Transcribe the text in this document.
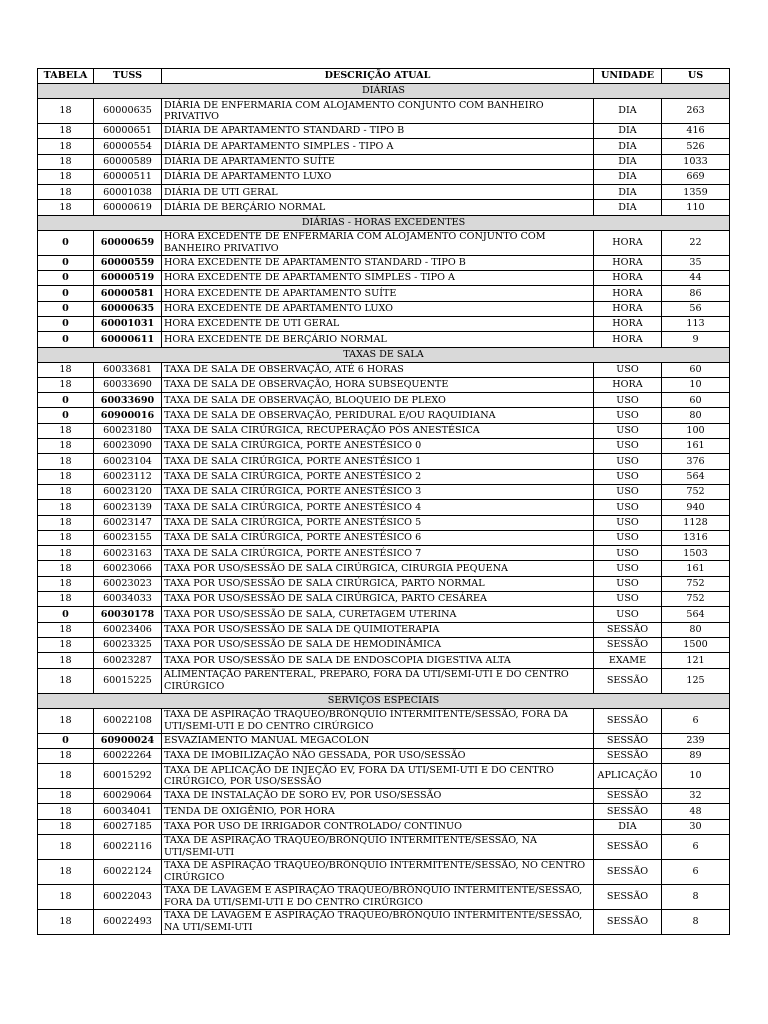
TABELA	TUSS	DESCRIÇÃO ATUAL	UNIDADE	US
DIÁRIAS				
18	60000635	DIÁRIA DE ENFERMARIA COM ALOJAMENTO CONJUNTO COM BANHEIRO PRIVATIVO	DIA	263
18	60000651	DIÁRIA DE APARTAMENTO STANDARD - TIPO B	DIA	416
18	60000554	DIÁRIA DE APARTAMENTO SIMPLES - TIPO A	DIA	526
18	60000589	DIÁRIA DE APARTAMENTO SUÍTE	DIA	1033
18	60000511	DIÁRIA DE APARTAMENTO LUXO	DIA	669
18	60001038	DIÁRIA DE UTI GERAL	DIA	1359
18	60000619	DIÁRIA DE BERÇÁRIO NORMAL	DIA	110
DIÁRIAS - HORAS EXCEDENTES				
0	60000659	HORA EXCEDENTE DE ENFERMARIA COM ALOJAMENTO CONJUNTO COM BANHEIRO PRIVATIVO	HORA	22
0	60000559	HORA EXCEDENTE DE APARTAMENTO STANDARD - TIPO B	HORA	35
0	60000519	HORA EXCEDENTE DE APARTAMENTO SIMPLES - TIPO A	HORA	44
0	60000581	HORA EXCEDENTE DE APARTAMENTO SUÍTE	HORA	86
0	60000635	HORA EXCEDENTE DE APARTAMENTO LUXO	HORA	56
0	60001031	HORA EXCEDENTE DE UTI GERAL	HORA	113
0	60000611	HORA EXCEDENTE DE BERÇÁRIO NORMAL	HORA	9
TAXAS DE SALA				
18	60033681	TAXA DE SALA DE OBSERVAÇÃO, ATÉ 6 HORAS	USO	60
18	60033690	TAXA DE SALA DE OBSERVAÇÃO, HORA SUBSEQUENTE	HORA	10
0	60033690	TAXA DE SALA DE OBSERVAÇÃO, BLOQUEIO DE PLEXO	USO	60
0	60900016	TAXA DE SALA DE OBSERVAÇÃO, PERIDURAL E/OU RAQUIDIANA	USO	80
18	60023180	TAXA DE SALA CIRÚRGICA, RECUPERAÇÃO PÓS ANESTÉSICA	USO	100
18	60023090	TAXA DE SALA CIRÚRGICA, PORTE ANESTÉSICO 0	USO	161
18	60023104	TAXA DE SALA CIRÚRGICA, PORTE ANESTÉSICO 1	USO	376
18	60023112	TAXA DE SALA CIRÚRGICA, PORTE ANESTÉSICO 2	USO	564
18	60023120	TAXA DE SALA CIRÚRGICA, PORTE ANESTÉSICO 3	USO	752
18	60023139	TAXA DE SALA CIRÚRGICA, PORTE ANESTÉSICO 4	USO	940
18	60023147	TAXA DE SALA CIRÚRGICA, PORTE ANESTÉSICO 5	USO	1128
18	60023155	TAXA DE SALA CIRÚRGICA, PORTE ANESTÉSICO 6	USO	1316
18	60023163	TAXA DE SALA CIRÚRGICA, PORTE ANESTÉSICO 7	USO	1503
18	60023066	TAXA POR USO/SESSÃO DE SALA CIRÚRGICA, CIRURGIA PEQUENA	USO	161
18	60023023	TAXA POR USO/SESSÃO DE SALA CIRÚRGICA, PARTO NORMAL	USO	752
18	60034033	TAXA POR USO/SESSÃO DE SALA CIRÚRGICA, PARTO CESÁREA	USO	752
0	60030178	TAXA POR USO/SESSÃO DE SALA, CURETAGEM UTERINA	USO	564
18	60023406	TAXA POR USO/SESSÃO DE SALA DE QUIMIOTERAPIA	SESSÃO	80
18	60023325	TAXA POR USO/SESSÃO DE SALA DE HEMODINÂMICA	SESSÃO	1500
18	60023287	TAXA POR USO/SESSÃO DE SALA DE ENDOSCOPIA DIGESTIVA ALTA	EXAME	121
18	60015225	ALIMENTAÇÃO PARENTERAL, PREPARO, FORA DA UTI/SEMI-UTI E DO CENTRO CIRÚRGICO	SESSÃO	125
SERVIÇOS ESPECIAIS				
18	60022108	TAXA DE ASPIRAÇÃO TRAQUEO/BRÔNQUIO INTERMITENTE/SESSÃO, FORA DA UTI/SEMI-UTI E DO CENTRO CIRÚRGICO	SESSÃO	6
0	60900024	ESVAZIAMENTO MANUAL MEGACOLON	SESSÃO	239
18	60022264	TAXA DE IMOBILIZAÇÃO NÃO GESSADA, POR USO/SESSÃO	SESSÃO	89
18	60015292	TAXA DE APLICAÇÃO DE INJEÇÃO EV, FORA DA UTI/SEMI-UTI E DO CENTRO CIRÚRGICO, POR USO/SESSÃO	APLICAÇÃO	10
18	60029064	TAXA DE INSTALAÇÃO DE SORO EV, POR USO/SESSÃO	SESSÃO	32
18	60034041	TENDA DE OXIGÊNIO, POR HORA	SESSÃO	48
18	60027185	TAXA POR USO DE IRRIGADOR CONTROLADO/ CONTINUO	DIA	30
18	60022116	TAXA DE ASPIRAÇÃO TRAQUEO/BRÔNQUIO INTERMITENTE/SESSÃO, NA UTI/SEMI-UTI	SESSÃO	6
18	60022124	TAXA DE ASPIRAÇÃO TRAQUEO/BRÔNQUIO INTERMITENTE/SESSÃO, NO CENTRO CIRÚRGICO	SESSÃO	6
18	60022043	TAXA DE LAVAGEM E ASPIRAÇÃO TRAQUEO/BRÔNQUIO INTERMITENTE/SESSÃO, FORA DA UTI/SEMI-UTI E DO CENTRO CIRÚRGICO	SESSÃO	8
18	60022493	TAXA DE LAVAGEM E ASPIRAÇÃO TRAQUEO/BRÔNQUIO INTERMITENTE/SESSÃO, NA UTI/SEMI-UTI	SESSÃO	8
